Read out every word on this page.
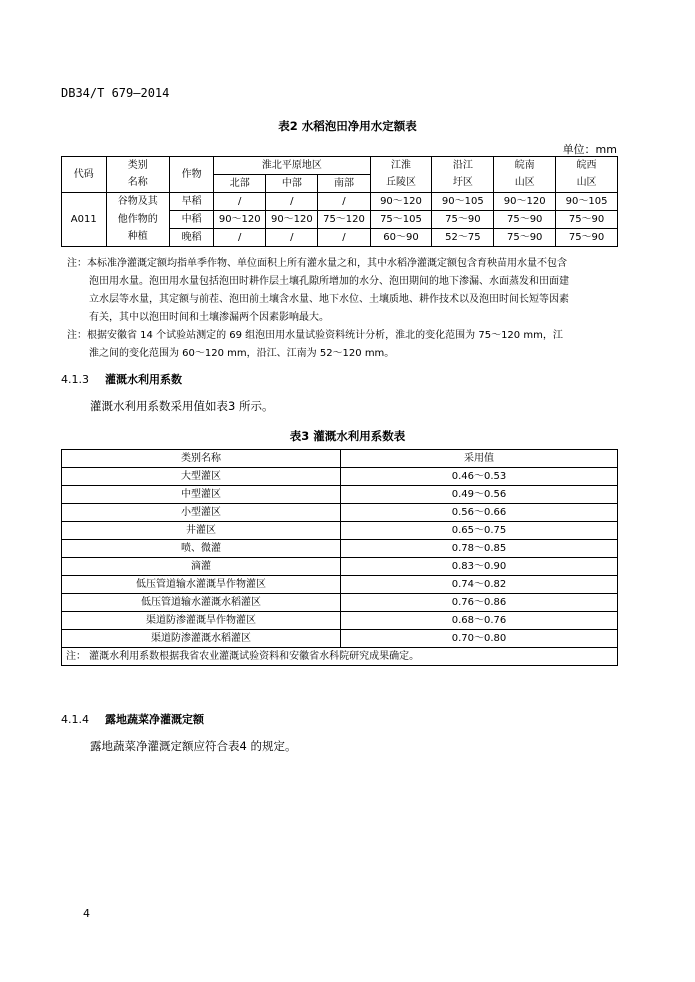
DB34/T 679—2014
表2 水稻泡田净用水定额表
单位：mm
代码	类别	作物	淮北平原地区			江淮	沿江	皖南	皖西
	名称		北部	中部	南部	丘陵区	圩区	山区	山区
A011	谷物及其	早稻	/	/	/	90～120	90～105	90～120	90～105
	他作物的	中稻	90～120	90～120	75～120	75～105	75～90	75～90	75～90
	种植	晚稻	/	/	/	60～90	52～75	75～90	75～90
注：本标准净灌溉定额均指单季作物、单位面积上所有灌水量之和，其中水稻净灌溉定额包含育秧苗用水量不包含
泡田用水量。泡田用水量包括泡田时耕作层土壤孔隙所增加的水分、泡田期间的地下渗漏、水面蒸发和田面建
立水层等水量，其定额与前茬、泡田前土壤含水量、地下水位、土壤质地、耕作技术以及泡田时间长短等因素
有关，其中以泡田时间和土壤渗漏两个因素影响最大。
注：根据安徽省 14 个试验站测定的 69 组泡田用水量试验资料统计分析，淮北的变化范围为 75～120 mm，江
淮之间的变化范围为 60～120 mm，沿江、江南为 52～120 mm。
4.1.3 灌溉水利用系数
灌溉水利用系数采用值如表3 所示。
表3 灌溉水利用系数表
类别名称	采用值
大型灌区	0.46～0.53
中型灌区	0.49～0.56
小型灌区	0.56～0.66
井灌区	0.65～0.75
喷、微灌	0.78～0.85
滴灌	0.83～0.90
低压管道输水灌溉旱作物灌区	0.74～0.82
低压管道输水灌溉水稻灌区	0.76～0.86
渠道防渗灌溉旱作物灌区	0.68～0.76
渠道防渗灌溉水稻灌区	0.70～0.80
注： 灌溉水利用系数根据我省农业灌溉试验资料和安徽省水科院研究成果确定。	
4.1.4 露地蔬菜净灌溉定额
露地蔬菜净灌溉定额应符合表4 的规定。
4
